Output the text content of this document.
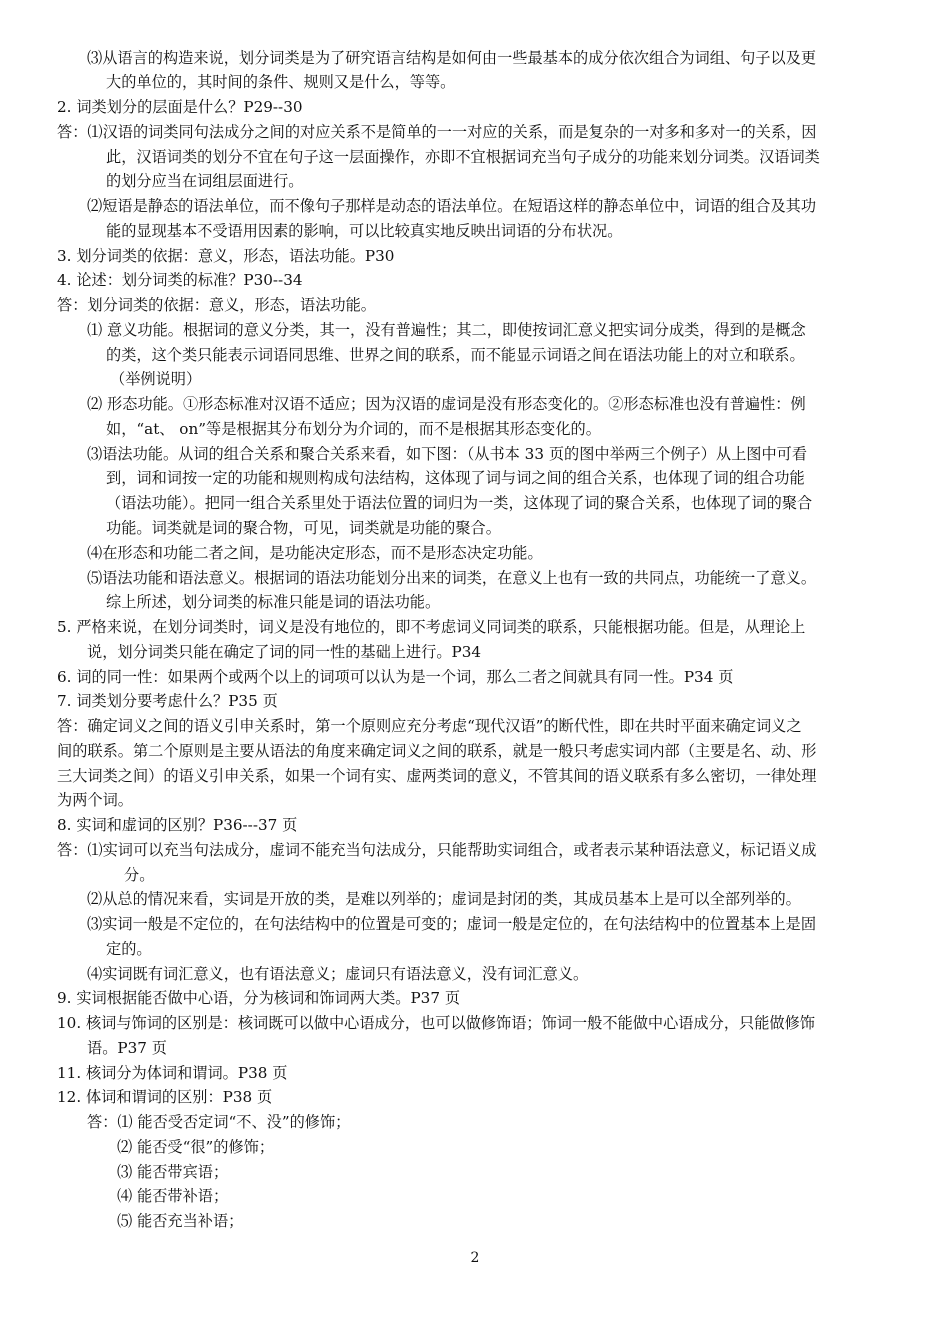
⑶从语言的构造来说，划分词类是为了研究语言结构是如何由一些最基本的成分依次组合为词组、句子以及更
大的单位的，其时间的条件、规则又是什么，等等。
2. 词类划分的层面是什么？P29--30
答：⑴汉语的词类同句法成分之间的对应关系不是简单的一一对应的关系，而是复杂的一对多和多对一的关系，因
此，汉语词类的划分不宜在句子这一层面操作，亦即不宜根据词充当句子成分的功能来划分词类。汉语词类
的划分应当在词组层面进行。
⑵短语是静态的语法单位，而不像句子那样是动态的语法单位。在短语这样的静态单位中，词语的组合及其功
能的显现基本不受语用因素的影响，可以比较真实地反映出词语的分布状况。
3. 划分词类的依据：意义，形态，语法功能。P30
4. 论述：划分词类的标准？P30--34
答：划分词类的依据：意义，形态，语法功能。
⑴ 意义功能。根据词的意义分类，其一，没有普遍性；其二，即使按词汇意义把实词分成类，得到的是概念
的类，这个类只能表示词语同思维、世界之间的联系，而不能显示词语之间在语法功能上的对立和联系。
（举例说明）
⑵ 形态功能。①形态标准对汉语不适应；因为汉语的虚词是没有形态变化的。②形态标准也没有普遍性：例
如，“at、 on”等是根据其分布划分为介词的，而不是根据其形态变化的。
⑶语法功能。从词的组合关系和聚合关系来看，如下图：（从书本 33 页的图中举两三个例子）从上图中可看
到，词和词按一定的功能和规则构成句法结构，这体现了词与词之间的组合关系，也体现了词的组合功能
（语法功能）。把同一组合关系里处于语法位置的词归为一类，这体现了词的聚合关系，也体现了词的聚合
功能。词类就是词的聚合物，可见，词类就是功能的聚合。
⑷在形态和功能二者之间，是功能决定形态，而不是形态决定功能。
⑸语法功能和语法意义。根据词的语法功能划分出来的词类，在意义上也有一致的共同点，功能统一了意义。
综上所述，划分词类的标准只能是词的语法功能。
5. 严格来说，在划分词类时，词义是没有地位的，即不考虑词义同词类的联系，只能根据功能。但是，从理论上
说，划分词类只能在确定了词的同一性的基础上进行。P34
6. 词的同一性：如果两个或两个以上的词项可以认为是一个词，那么二者之间就具有同一性。P34 页
7. 词类划分要考虑什么？P35 页
答：确定词义之间的语义引申关系时，第一个原则应充分考虑“现代汉语”的断代性，即在共时平面来确定词义之
间的联系。第二个原则是主要从语法的角度来确定词义之间的联系，就是一般只考虑实词内部（主要是名、动、形
三大词类之间）的语义引申关系，如果一个词有实、虚两类词的意义，不管其间的语义联系有多么密切，一律处理
为两个词。
8. 实词和虚词的区别？P36---37 页
答：⑴实词可以充当句法成分，虚词不能充当句法成分，只能帮助实词组合，或者表示某种语法意义，标记语义成
分。
⑵从总的情况来看，实词是开放的类，是难以列举的；虚词是封闭的类，其成员基本上是可以全部列举的。
⑶实词一般是不定位的，在句法结构中的位置是可变的；虚词一般是定位的，在句法结构中的位置基本上是固
定的。
⑷实词既有词汇意义，也有语法意义；虚词只有语法意义，没有词汇意义。
9. 实词根据能否做中心语，分为核词和饰词两大类。P37 页
10. 核词与饰词的区别是：核词既可以做中心语成分，也可以做修饰语；饰词一般不能做中心语成分，只能做修饰
语。P37 页
11. 核词分为体词和谓词。P38 页
12. 体词和谓词的区别：P38 页
答：⑴ 能否受否定词“不、没”的修饰；
⑵ 能否受“很”的修饰；
⑶ 能否带宾语；
⑷ 能否带补语；
⑸ 能否充当补语；
2
